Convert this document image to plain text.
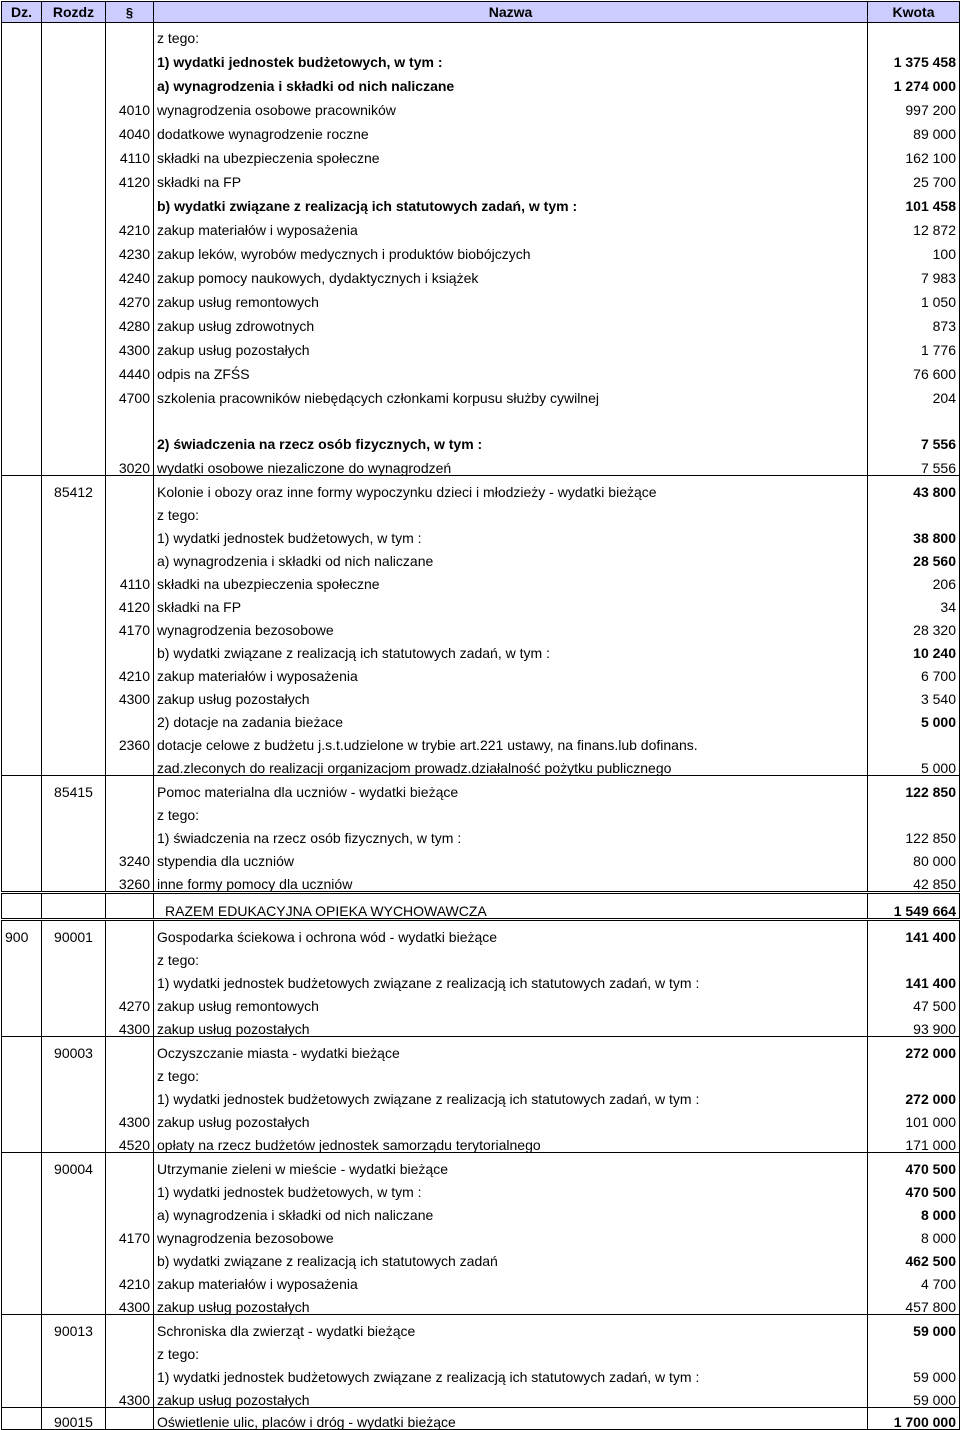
Dz.	Rozdz	§	Nazwa	Kwota
			z tego:	
			1) wydatki jednostek budżetowych, w tym :	1 375 458
			a) wynagrodzenia i składki od nich naliczane	1 274 000
		4010	wynagrodzenia osobowe pracowników	997 200
		4040	dodatkowe wynagrodzenie roczne	89 000
		4110	składki na ubezpieczenia społeczne	162 100
		4120	składki na FP	25 700
			b) wydatki związane z realizacją ich statutowych zadań, w tym :	101 458
		4210	zakup materiałów i wyposażenia	12 872
		4230	zakup leków, wyrobów medycznych i produktów biobójczych	100
		4240	zakup pomocy naukowych, dydaktycznych i książek	7 983
		4270	zakup usług remontowych	1 050
		4280	zakup usług zdrowotnych	873
		4300	zakup usług pozostałych	1 776
		4440	odpis na ZFŚS	76 600
		4700	szkolenia pracowników niebędących członkami korpusu służby cywilnej	204

			2) świadczenia na rzecz osób fizycznych, w tym :	7 556
		3020	wydatki osobowe niezaliczone do wynagrodzeń	7 556
	85412		Kolonie i obozy oraz inne formy wypoczynku dzieci i młodzieży - wydatki bieżące	43 800
			z tego:	
			1) wydatki jednostek budżetowych, w tym :	38 800
			a) wynagrodzenia i składki od nich naliczane	28 560
		4110	składki na ubezpieczenia społeczne	206
		4120	składki na FP	34
		4170	wynagrodzenia bezosobowe	28 320
			b) wydatki związane z realizacją ich statutowych zadań, w tym :	10 240
		4210	zakup materiałów i wyposażenia	6 700
		4300	zakup usług pozostałych	3 540
			2) dotacje na zadania bieżace	5 000
		2360	dotacje celowe z budżetu j.s.t.udzielone w trybie art.221 ustawy, na finans.lub dofinans.	
			zad.zleconych do realizacji organizacjom prowadz.działalność pożytku publicznego	5 000
	85415		Pomoc materialna dla uczniów - wydatki bieżące	122 850
			z tego:	
			1) świadczenia na rzecz osób fizycznych, w tym :	122 850
		3240	stypendia dla uczniów	80 000
		3260	inne formy pomocy dla uczniów	42 850
			RAZEM EDUKACYJNA OPIEKA WYCHOWAWCZA	1 549 664
900	90001		Gospodarka ściekowa i ochrona wód - wydatki bieżące	141 400
			z tego:	
			1) wydatki jednostek budżetowych związane z realizacją ich statutowych zadań, w tym :	141 400
		4270	zakup usług remontowych	47 500
		4300	zakup usług pozostałych	93 900
	90003		Oczyszczanie miasta - wydatki bieżące	272 000
			z tego:	
			1) wydatki jednostek budżetowych związane z realizacją ich statutowych zadań, w tym :	272 000
		4300	zakup usług pozostałych	101 000
		4520	opłaty na rzecz budżetów jednostek samorządu terytorialnego	171 000
	90004		Utrzymanie zieleni w mieście - wydatki bieżące	470 500
			1) wydatki jednostek budżetowych, w tym :	470 500
			a) wynagrodzenia i składki od nich naliczane	8 000
		4170	wynagrodzenia bezosobowe	8 000
			b) wydatki związane z realizacją ich statutowych zadań	462 500
		4210	zakup materiałów i wyposażenia	4 700
		4300	zakup usług pozostałych	457 800
	90013		Schroniska dla zwierząt - wydatki bieżące	59 000
			z tego:	
			1) wydatki jednostek budżetowych związane z realizacją ich statutowych zadań, w tym :	59 000
		4300	zakup usług pozostałych	59 000
	90015		Oświetlenie ulic, placów i dróg - wydatki bieżące	1 700 000
